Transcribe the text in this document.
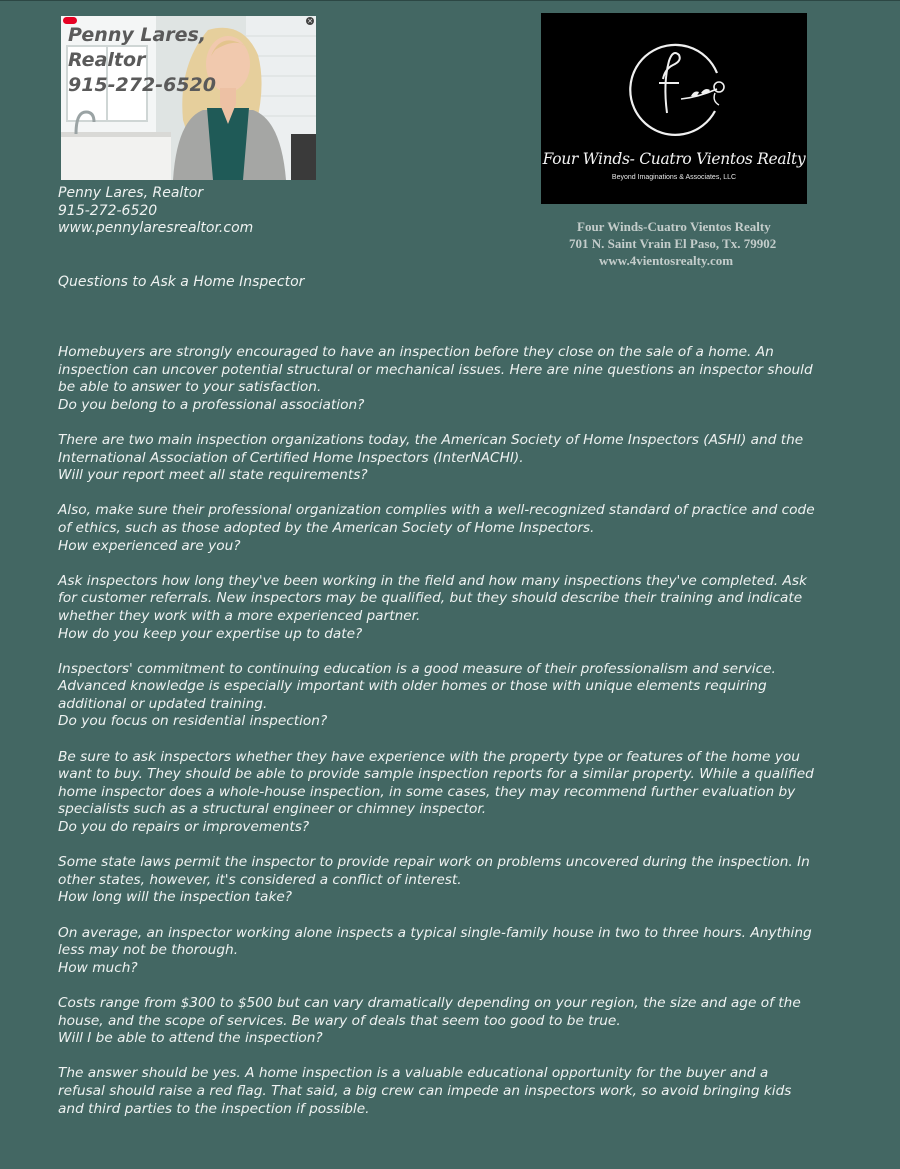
×
Penny Lares,
Realtor
915-272-6520
Penny Lares, Realtor
915-272-6520
www.pennylaresrealtor.com
Four Winds- Cuatro Vientos Realty
Beyond Imaginations & Associates, LLC
Four Winds-Cuatro Vientos Realty
701 N. Saint Vrain El Paso, Tx. 79902
www.4vientosrealty.com
Questions to Ask a Home Inspector

Homebuyers are strongly encouraged to have an inspection before they close on the sale of a home. An inspection can uncover potential structural or mechanical issues. Here are nine questions an inspector should be able to answer to your satisfaction.
Do you belong to a professional association?

There are two main inspection organizations today, the American Society of Home Inspectors (ASHI) and the International Association of Certified Home Inspectors (InterNACHI).
Will your report meet all state requirements?

Also, make sure their professional organization complies with a well-recognized standard of practice and code of ethics, such as those adopted by the American Society of Home Inspectors.
How experienced are you?

Ask inspectors how long they've been working in the field and how many inspections they've completed. Ask for customer referrals. New inspectors may be qualified, but they should describe their training and indicate whether they work with a more experienced partner.
How do you keep your expertise up to date?

Inspectors' commitment to continuing education is a good measure of their professionalism and service. Advanced knowledge is especially important with older homes or those with unique elements requiring additional or updated training.
Do you focus on residential inspection?

Be sure to ask inspectors whether they have experience with the property type or features of the home you want to buy. They should be able to provide sample inspection reports for a similar property. While a qualified home inspector does a whole-house inspection, in some cases, they may recommend further evaluation by specialists such as a structural engineer or chimney inspector.
Do you do repairs or improvements?

Some state laws permit the inspector to provide repair work on problems uncovered during the inspection. In other states, however, it's considered a conflict of interest.
How long will the inspection take?

On average, an inspector working alone inspects a typical single-family house in two to three hours. Anything less may not be thorough.
How much?

Costs range from $300 to $500 but can vary dramatically depending on your region, the size and age of the house, and the scope of services. Be wary of deals that seem too good to be true.
Will I be able to attend the inspection?

The answer should be yes. A home inspection is a valuable educational opportunity for the buyer and a refusal should raise a red flag. That said, a big crew can impede an inspectors work, so avoid bringing kids and third parties to the inspection if possible.
